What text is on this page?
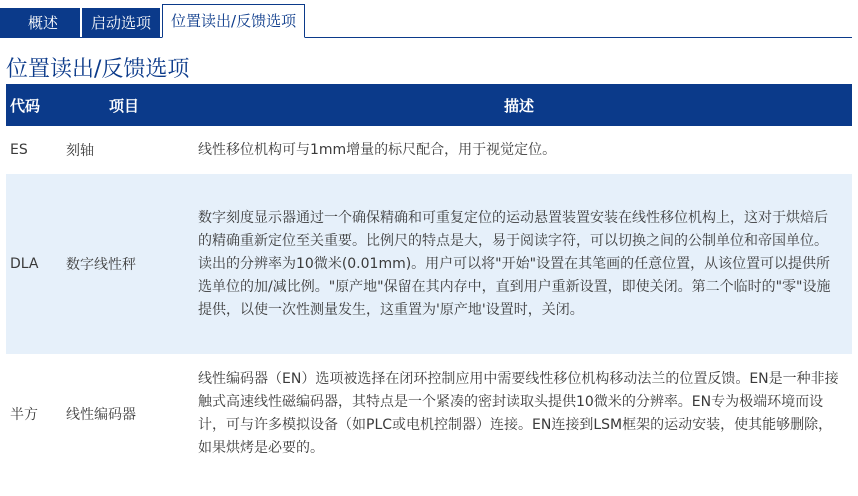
概述	启动选项	位置读出/反馈选项
位置读出/反馈选项
代码	项目	描述
ES	刻轴	线性移位机构可与1mm增量的标尺配合，用于视觉定位。
DLA	数字线性秤	数字刻度显示器通过一个确保精确和可重复定位的运动悬置装置安装在线性移位机构上，这对于烘焙后的精确重新定位至关重要。比例尺的特点是大，易于阅读字符，可以切换之间的公制单位和帝国单位。读出的分辨率为10微米(0.01mm)。用户可以将"开始"设置在其笔画的任意位置，从该位置可以提供所选单位的加/减比例。"原产地"保留在其内存中，直到用户重新设置，即使关闭。第二个临时的"零"设施提供，以使一次性测量发生，这重置为'原产地'设置时，关闭。
半方	线性编码器	线性编码器（EN）选项被选择在闭环控制应用中需要线性移位机构移动法兰的位置反馈。EN是一种非接触式高速线性磁编码器，其特点是一个紧凑的密封读取头提供10微米的分辨率。EN专为极端环境而设计，可与许多模拟设备（如PLC或电机控制器）连接。EN连接到LSM框架的运动安装，使其能够删除，如果烘烤是必要的。
